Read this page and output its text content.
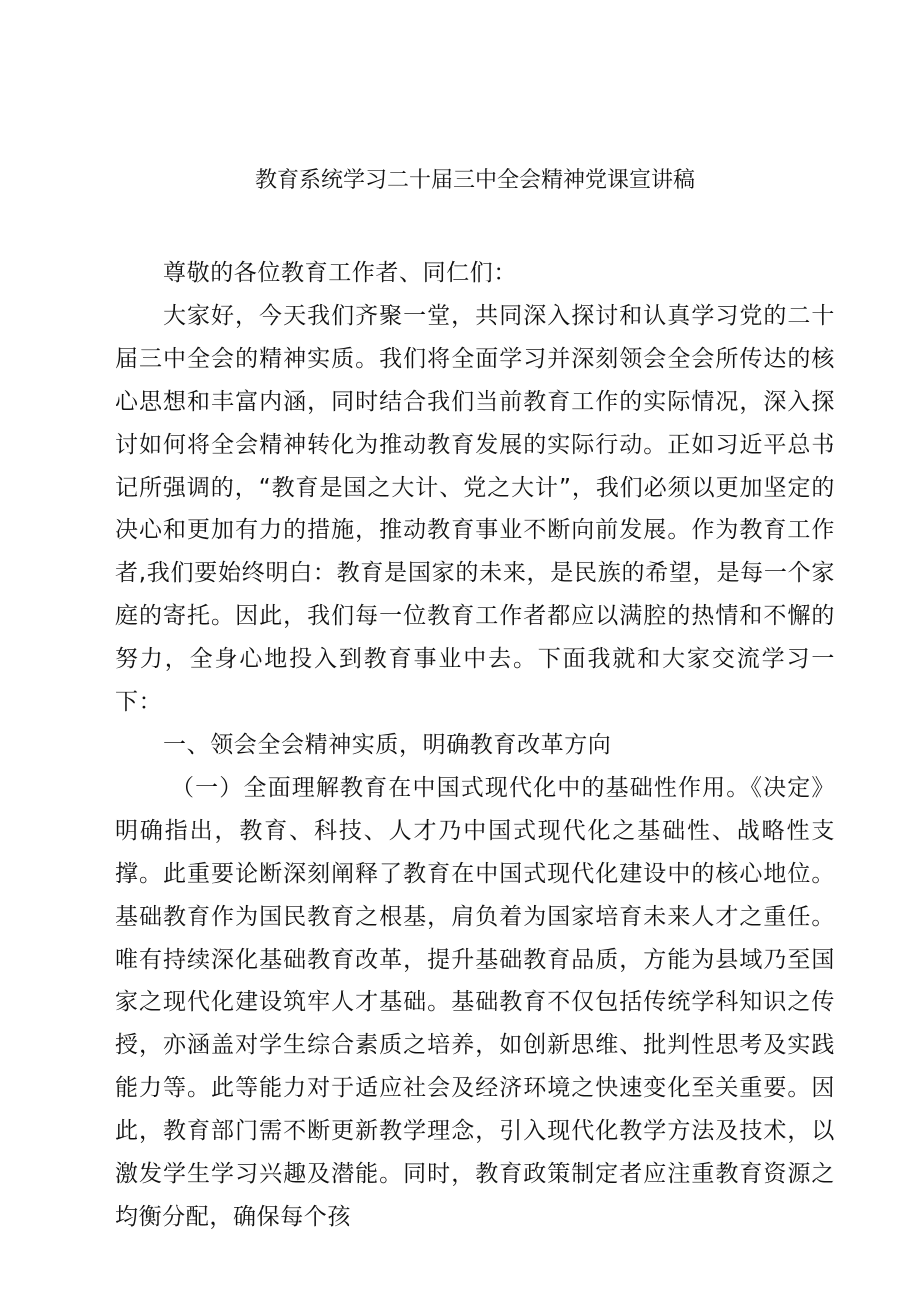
教育系统学习二十届三中全会精神党课宣讲稿

尊敬的各位教育工作者、同仁们：

大家好，今天我们齐聚一堂，共同深入探讨和认真学习党的二十届三中全会的精神实质。我们将全面学习并深刻领会全会所传达的核心思想和丰富内涵，同时结合我们当前教育工作的实际情况，深入探讨如何将全会精神转化为推动教育发展的实际行动。正如习近平总书记所强调的，“教育是国之大计、党之大计”，我们必须以更加坚定的决心和更加有力的措施，推动教育事业不断向前发展。作为教育工作者,我们要始终明白：教育是国家的未来，是民族的希望，是每一个家庭的寄托。因此，我们每一位教育工作者都应以满腔的热情和不懈的努力，全身心地投入到教育事业中去。下面我就和大家交流学习一下：

一、领会全会精神实质，明确教育改革方向

（一）全面理解教育在中国式现代化中的基础性作用。《决定》明确指出，教育、科技、人才乃中国式现代化之基础性、战略性支撑。此重要论断深刻阐释了教育在中国式现代化建设中的核心地位。基础教育作为国民教育之根基，肩负着为国家培育未来人才之重任。唯有持续深化基础教育改革，提升基础教育品质，方能为县域乃至国家之现代化建设筑牢人才基础。基础教育不仅包括传统学科知识之传授，亦涵盖对学生综合素质之培养，如创新思维、批判性思考及实践能力等。此等能力对于适应社会及经济环境之快速变化至关重要。因此，教育部门需不断更新教学理念，引入现代化教学方法及技术，以激发学生学习兴趣及潜能。同时，教育政策制定者应注重教育资源之均衡分配，确保每个孩
